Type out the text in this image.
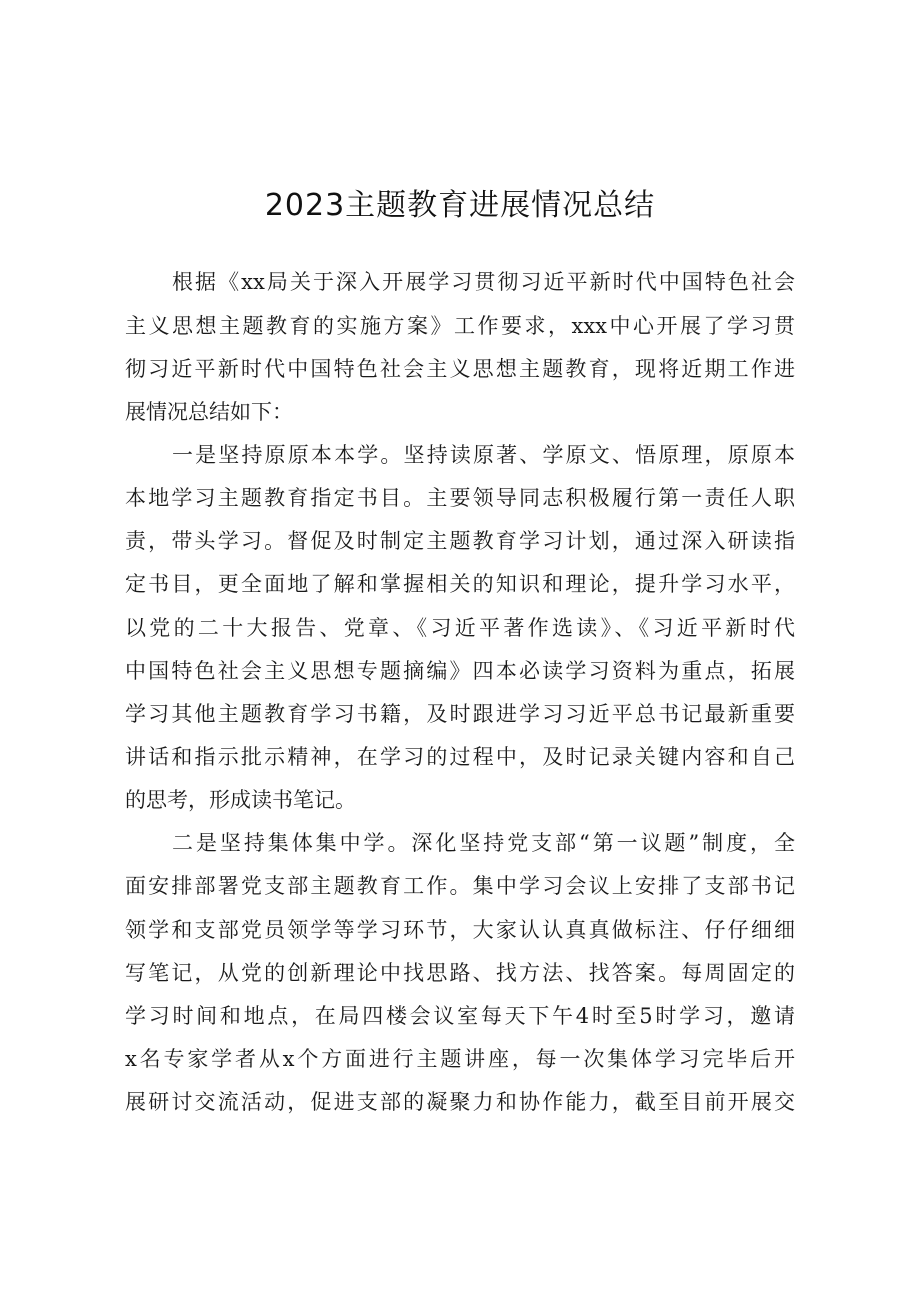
2023主题教育进展情况总结
根据《xx局关于深入开展学习贯彻习近平新时代中国特色社会
主义思想主题教育的实施方案》工作要求，xxx中心开展了学习贯
彻习近平新时代中国特色社会主义思想主题教育，现将近期工作进
展情况总结如下：
一是坚持原原本本学。坚持读原著、学原文、悟原理，原原本
本地学习主题教育指定书目。主要领导同志积极履行第一责任人职
责，带头学习。督促及时制定主题教育学习计划，通过深入研读指
定书目，更全面地了解和掌握相关的知识和理论，提升学习水平，
以党的二十大报告、党章、《习近平著作选读》、《习近平新时代
中国特色社会主义思想专题摘编》四本必读学习资料为重点，拓展
学习其他主题教育学习书籍，及时跟进学习习近平总书记最新重要
讲话和指示批示精神，在学习的过程中，及时记录关键内容和自己
的思考，形成读书笔记。
二是坚持集体集中学。深化坚持党支部“第一议题”制度，全
面安排部署党支部主题教育工作。集中学习会议上安排了支部书记
领学和支部党员领学等学习环节，大家认认真真做标注、仔仔细细
写笔记，从党的创新理论中找思路、找方法、找答案。每周固定的
学习时间和地点，在局四楼会议室每天下午4时至5时学习，邀请
x名专家学者从x个方面进行主题讲座，每一次集体学习完毕后开
展研讨交流活动，促进支部的凝聚力和协作能力，截至目前开展交
